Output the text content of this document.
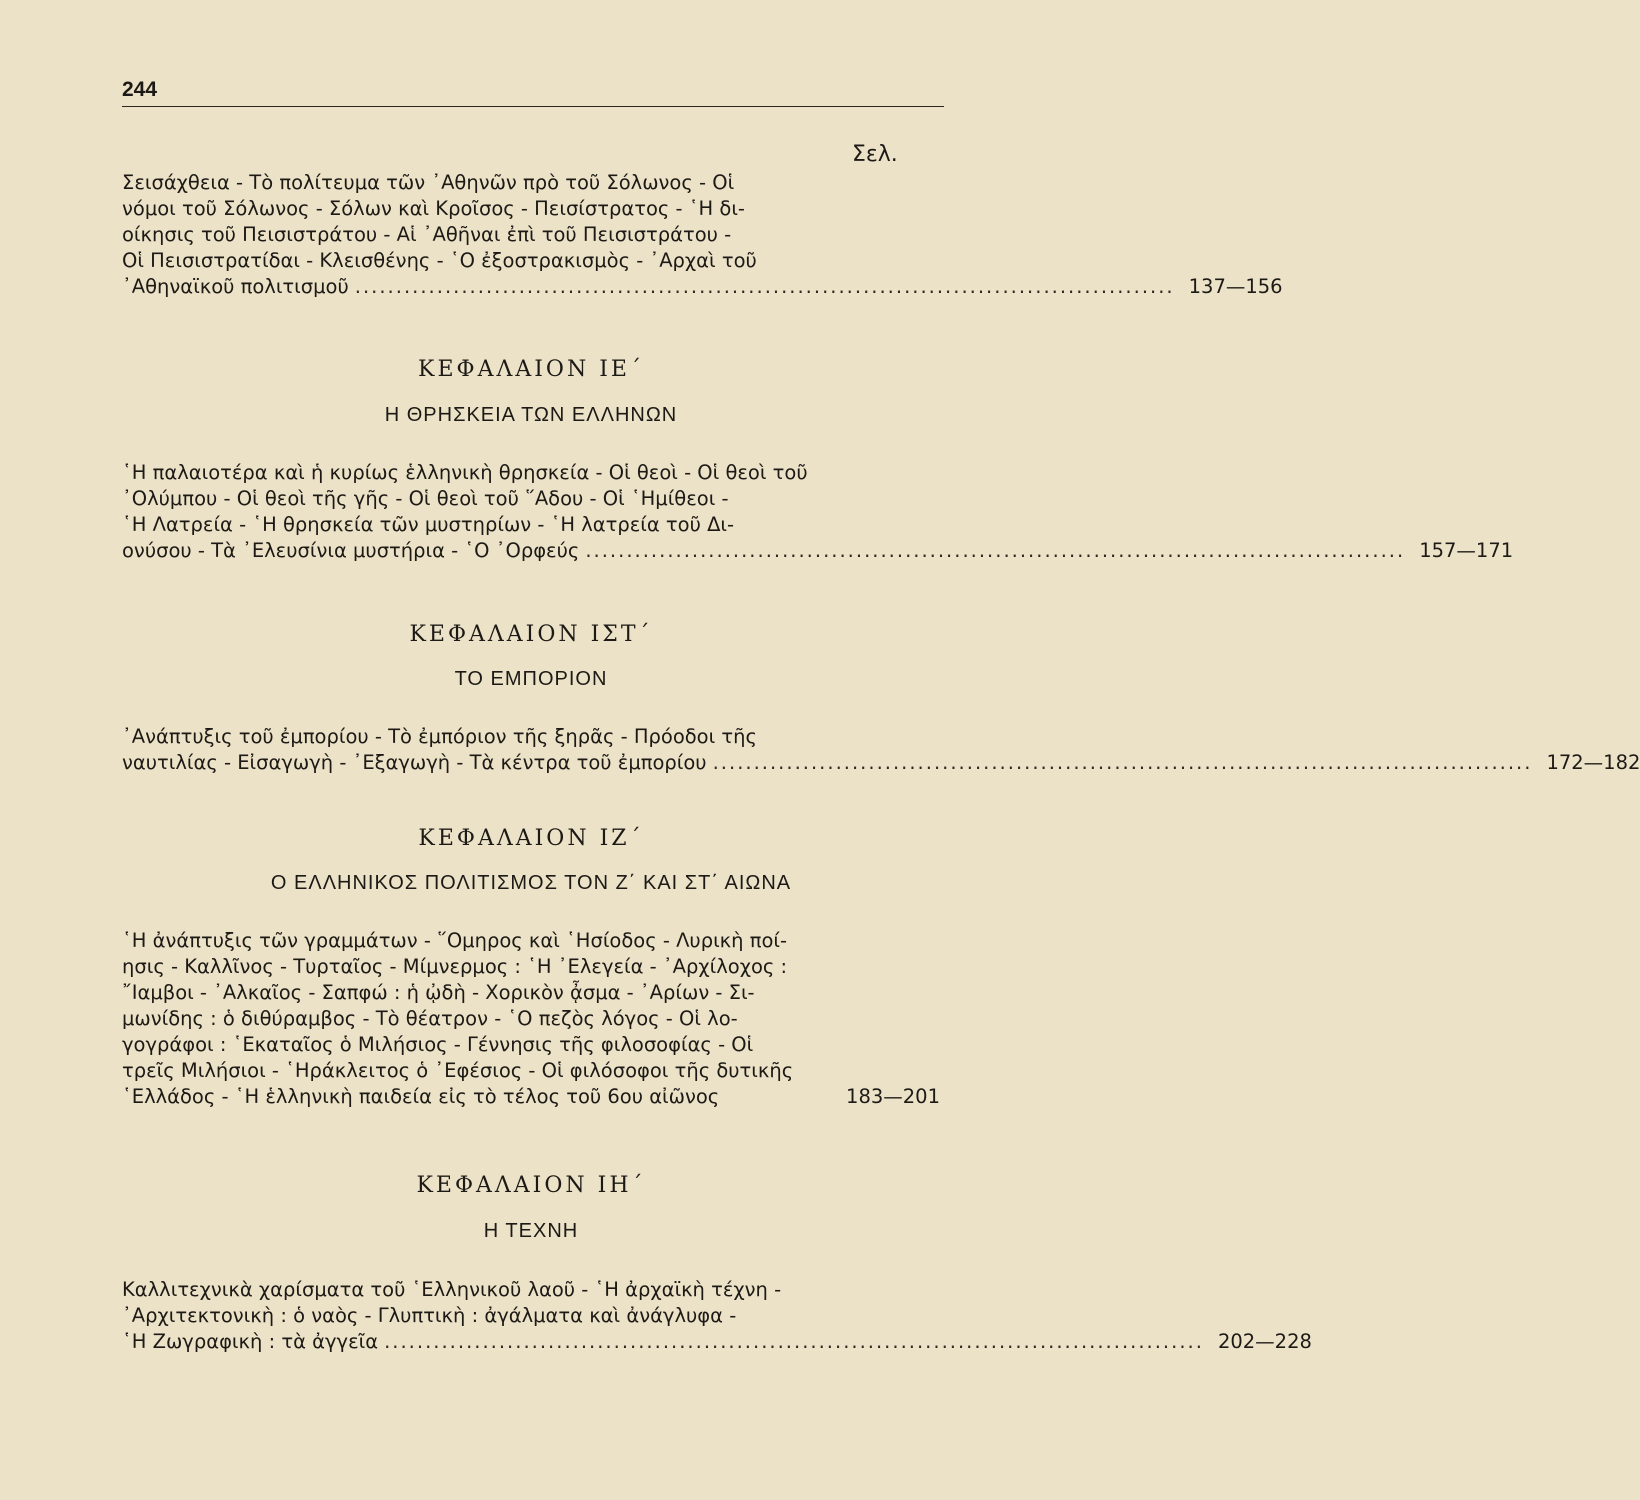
244
Σελ.
Σεισάχθεια - Τὸ πολίτευμα τῶν ᾿Αθηνῶν πρὸ τοῦ Σόλωνος - Οἱ
νόμοι τοῦ Σόλωνος - Σόλων καὶ Κροῖσος - Πεισίστρατος - ῾Η δι-
οίκησις τοῦ Πεισιστράτου - Αἱ ᾿Αθῆναι ἐπὶ τοῦ Πεισιστράτου -
Οἱ Πεισιστρατίδαι - Κλεισθένης - ῾Ο ἐξοστρακισμὸς - ᾿Αρχαὶ τοῦ
᾿Αθηναϊκοῦ πολιτισμοῦ .................................................................................................... 137—156
ΚΕΦΑΛΑΙΟΝ ΙΕ΄
Η ΘΡΗΣΚΕΙΑ ΤΩΝ ΕΛΛΗΝΩΝ
῾Η παλαιοτέρα καὶ ἡ κυρίως ἑλληνικὴ θρησκεία - Οἱ θεοὶ - Οἱ θεοὶ τοῦ
᾿Ολύμπου - Οἱ θεοὶ τῆς γῆς - Οἱ θεοὶ τοῦ ῞Αδου - Οἱ ῾Ημίθεοι -
῾Η Λατρεία - ῾Η θρησκεία τῶν μυστηρίων - ῾Η λατρεία τοῦ Δι-
ονύσου - Τὰ ᾿Ελευσίνια μυστήρια - ῾Ο ᾿Ορφεύς .................................................................................................... 157—171
ΚΕΦΑΛΑΙΟΝ ΙΣΤ΄
ΤΟ ΕΜΠΟΡΙΟΝ
᾿Ανάπτυξις τοῦ ἐμπορίου - Τὸ ἐμπόριον τῆς ξηρᾶς - Πρόοδοι τῆς
ναυτιλίας - Εἰσαγωγὴ - ᾿Εξαγωγὴ - Τὰ κέντρα τοῦ ἐμπορίου .................................................................................................... 172—182
ΚΕΦΑΛΑΙΟΝ ΙΖ΄
Ο ΕΛΛΗΝΙΚΟΣ ΠΟΛΙΤΙΣΜΟΣ ΤΟΝ Ζ΄ ΚΑΙ ΣΤ΄ ΑΙΩΝΑ
῾Η ἀνάπτυξις τῶν γραμμάτων - ῞Ομηρος καὶ ῾Ησίοδος - Λυρικὴ ποί-
ησις - Καλλῖνος - Τυρταῖος - Μίμνερμος : ῾Η ᾿Ελεγεία - ᾿Αρχίλοχος :
῎Ιαμβοι - ᾿Αλκαῖος - Σαπφώ : ἡ ᾠδὴ - Χορικὸν ᾆσμα - ᾿Αρίων - Σι-
μωνίδης : ὁ διθύραμβος - Τὸ θέατρον - ῾Ο πεζὸς λόγος - Οἱ λο-
γογράφοι : ῾Εκαταῖος ὁ Μιλήσιος - Γέννησις τῆς φιλοσοφίας - Οἱ
τρεῖς Μιλήσιοι - ῾Ηράκλειτος ὁ ᾿Εφέσιος - Οἱ φιλόσοφοι τῆς δυτικῆς
῾Ελλάδος - ῾Η ἑλληνικὴ παιδεία εἰς τὸ τέλος τοῦ 6ου αἰῶνος	183—201
ΚΕΦΑΛΑΙΟΝ ΙΗ΄
Η ΤΕΧΝΗ
Καλλιτεχνικὰ χαρίσματα τοῦ ῾Ελληνικοῦ λαοῦ - ῾Η ἀρχαϊκὴ τέχνη -
᾿Αρχιτεκτονικὴ : ὁ ναὸς - Γλυπτικὴ : ἀγάλματα καὶ ἀνάγλυφα -
῾Η Ζωγραφικὴ : τὰ ἀγγεῖα .................................................................................................... 202—228
